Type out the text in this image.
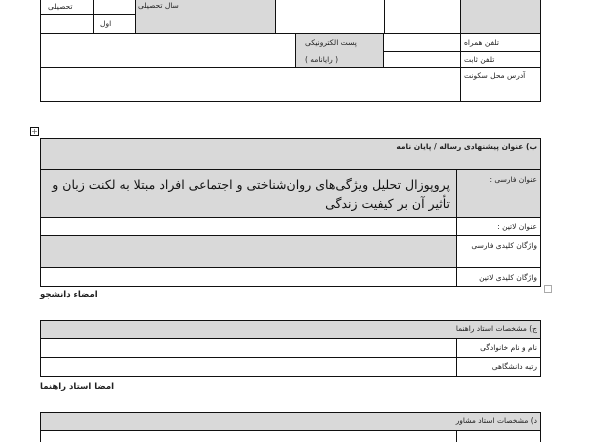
تحصیلی	سال تحصیلی
اول
پست الکترونیکی
( رایانامه )
تلفن همراه
تلفن ثابت
آدرس محل سکونت
+
ب) عنوان پیشنهادی رساله / پایان نامه
عنوان فارسی :
پروپوزال تحلیل ویژگی‌های روان‌شناختی و اجتماعی افراد مبتلا به لکنت زبان و تأثیر آن بر کیفیت زندگی
عنوان لاتین :
واژگان کلیدی فارسی
واژگان کلیدی لاتین
امضاء دانشجو
ج) مشخصات استاد راهنما
نام و نام خانوادگی
رتبه دانشگاهی
امضا استاد راهنما
د) مشخصات استاد مشاور
